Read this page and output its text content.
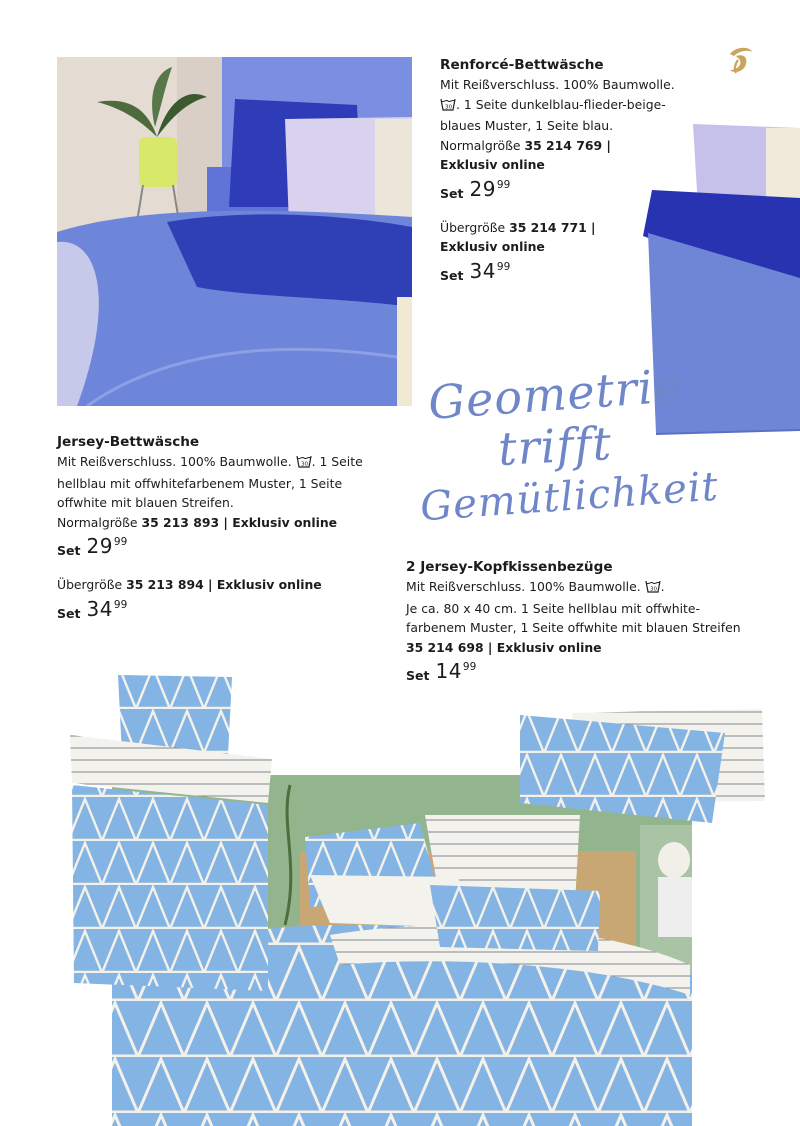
Renforcé-Bettwäsche
Mit Reißverschluss. 100% Baumwolle.
30 . 1 Seite dunkelblau-flieder-beige-
blaues Muster, 1 Seite blau.
Normalgröße 35 214 769 |
Exklusiv online
Set 29 99
Übergröße 35 214 771 |
Exklusiv online
Set 34 99
Geometrie
trifft
Gemütlichkeit
Jersey-Bettwäsche
Mit Reißverschluss. 100% Baumwolle. 30 . 1 Seite
hellblau mit offwhitefarbenem Muster, 1 Seite
offwhite mit blauen Streifen.
Normalgröße 35 213 893 | Exklusiv online
Set 29 99
Übergröße 35 213 894 | Exklusiv online
Set 34 99
2 Jersey-Kopfkissenbezüge
Mit Reißverschluss. 100% Baumwolle. 30 .
Je ca. 80 x 40 cm. 1 Seite hellblau mit offwhite-
farbenem Muster, 1 Seite offwhite mit blauen Streifen
35 214 698 | Exklusiv online
Set 14 99
